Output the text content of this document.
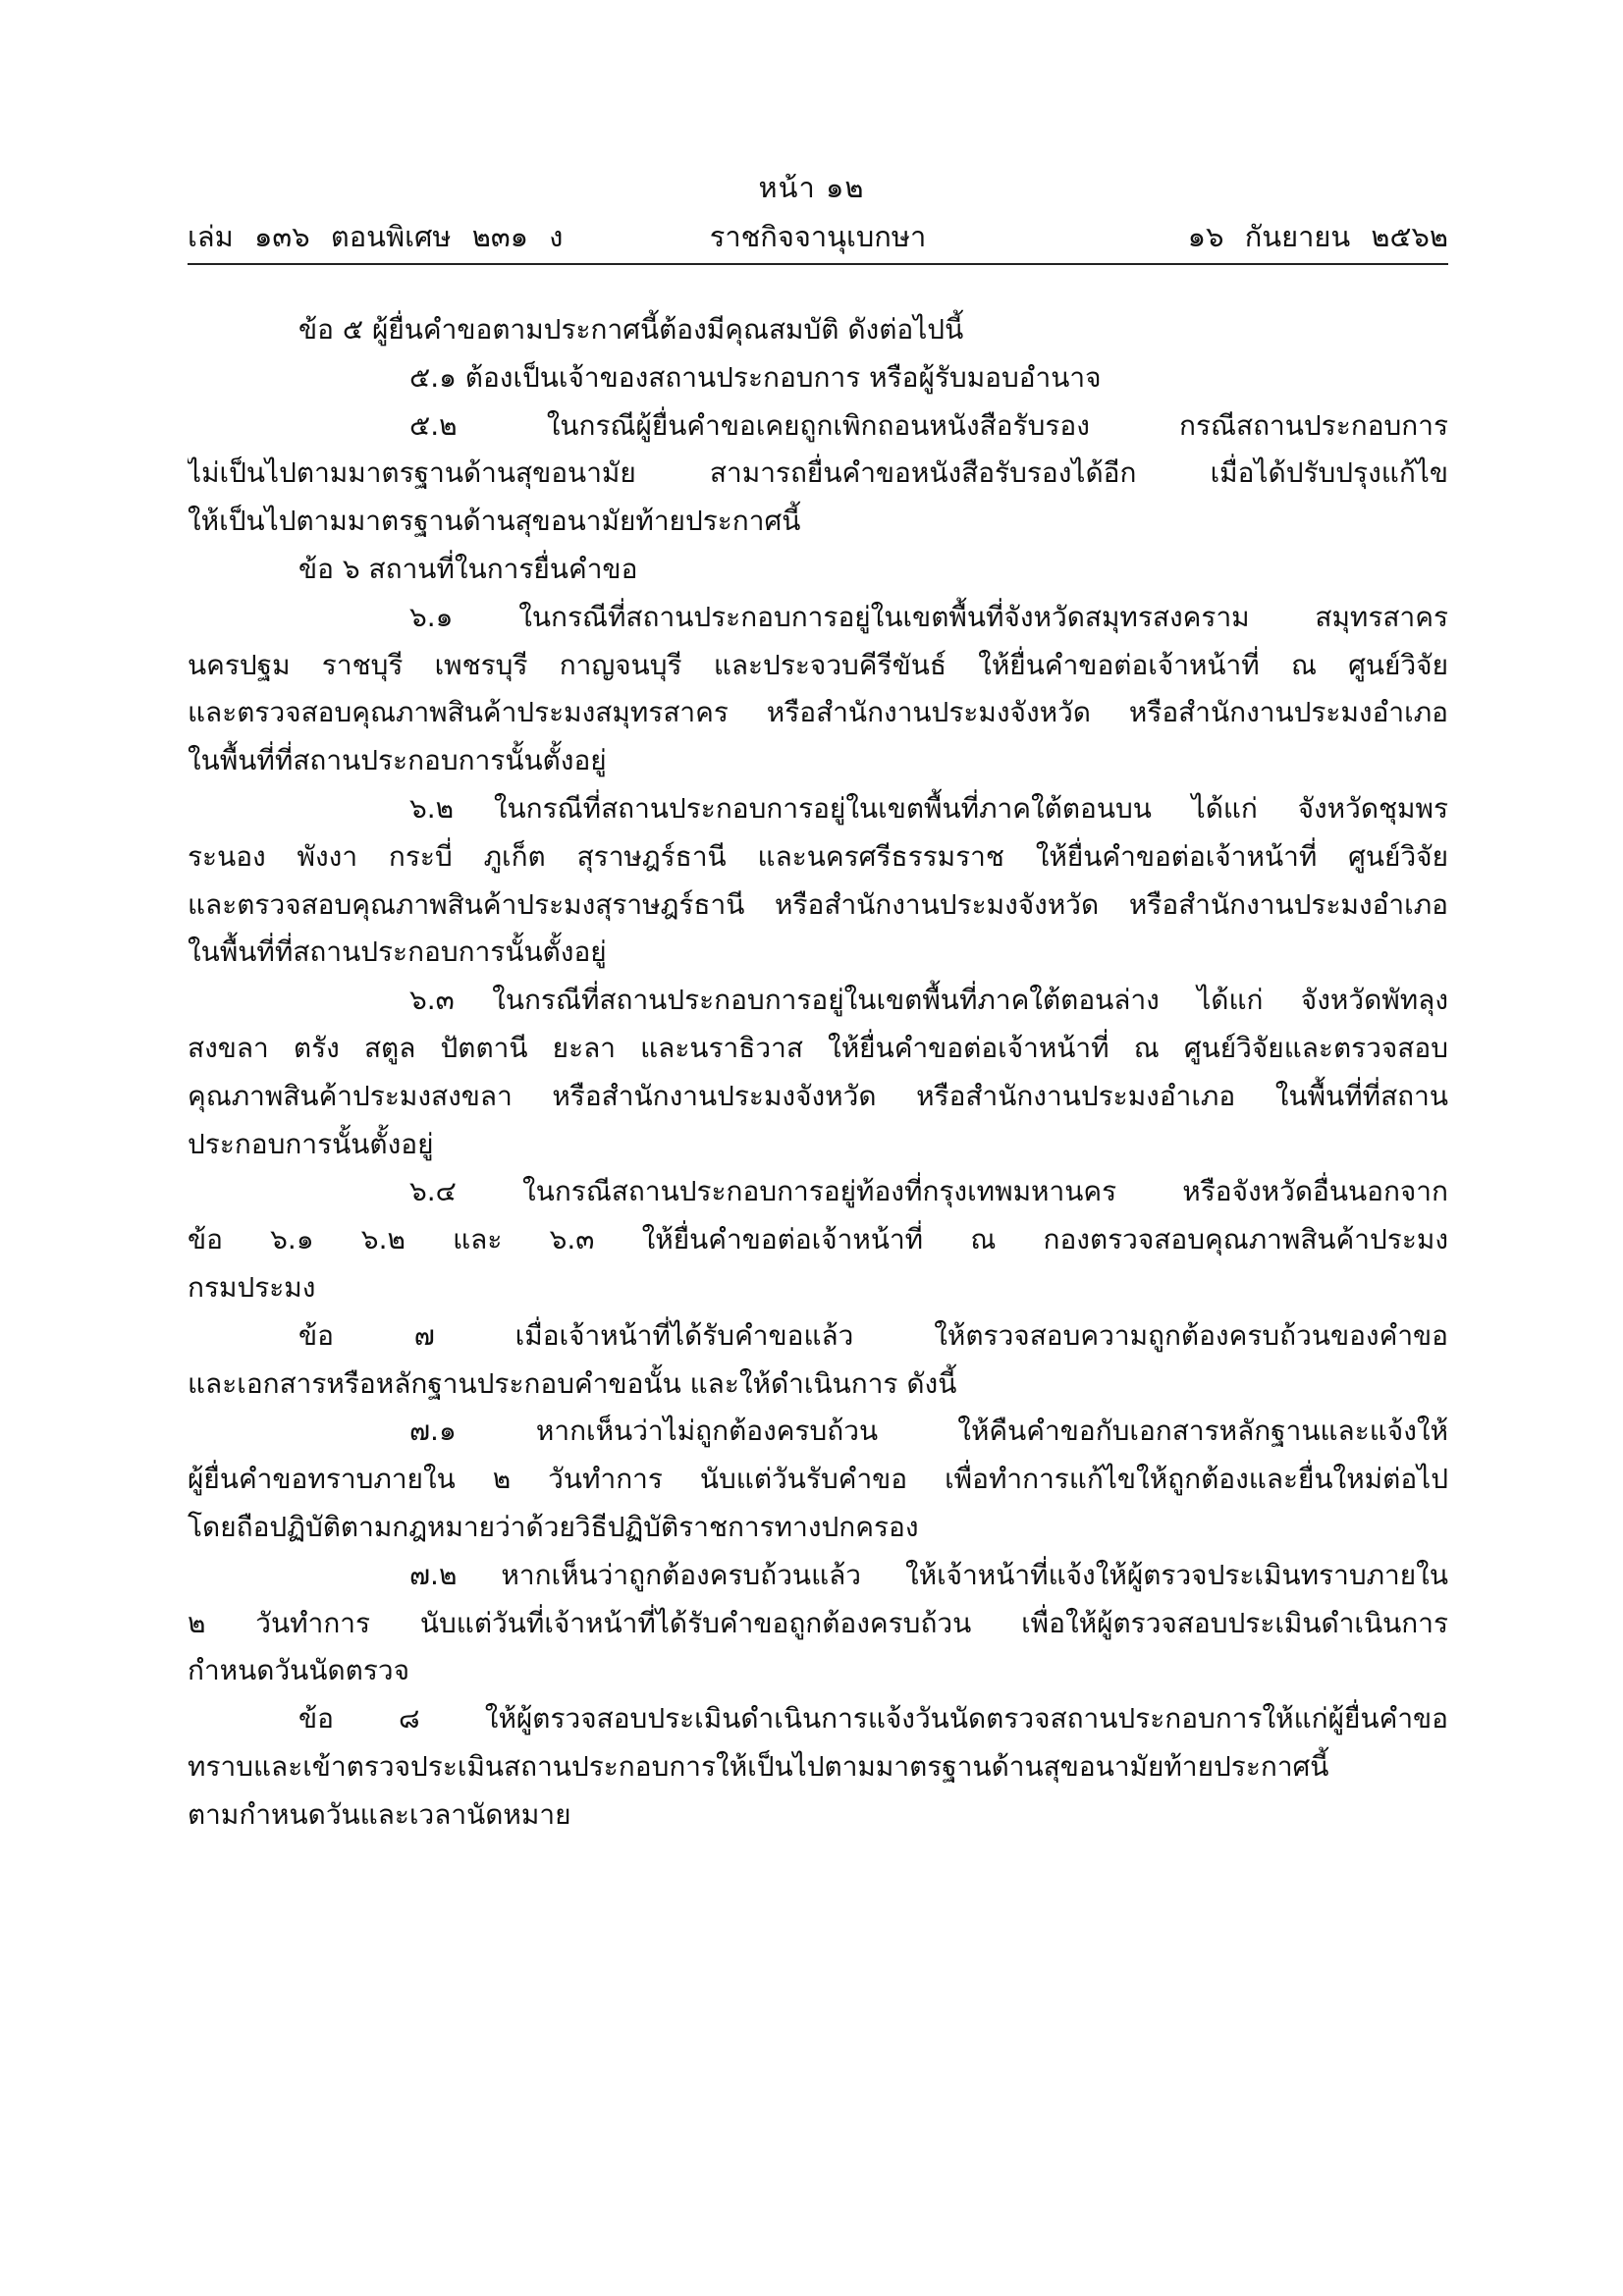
หน้า ๑๒
เล่ม ๑๓๖ ตอนพิเศษ ๒๓๑ ง	ราชกิจจานุเบกษา	๑๖ กันยายน ๒๕๖๒
ข้อ ๕ ผู้ยื่นคำขอตามประกาศนี้ต้องมีคุณสมบัติ ดังต่อไปนี้
๕.๑ ต้องเป็นเจ้าของสถานประกอบการ หรือผู้รับมอบอำนาจ
๕.๒ ในกรณีผู้ยื่นคำขอเคยถูกเพิกถอนหนังสือรับรอง กรณีสถานประกอบการ
ไม่เป็นไปตามมาตรฐานด้านสุขอนามัย สามารถยื่นคำขอหนังสือรับรองได้อีก เมื่อได้ปรับปรุงแก้ไข
ให้เป็นไปตามมาตรฐานด้านสุขอนามัยท้ายประกาศนี้
ข้อ ๖ สถานที่ในการยื่นคำขอ
๖.๑ ในกรณีที่สถานประกอบการอยู่ในเขตพื้นที่จังหวัดสมุทรสงคราม สมุทรสาคร
นครปฐม ราชบุรี เพชรบุรี กาญจนบุรี และประจวบคีรีขันธ์ ให้ยื่นคำขอต่อเจ้าหน้าที่ ณ ศูนย์วิจัย
และตรวจสอบคุณภาพสินค้าประมงสมุทรสาคร หรือสำนักงานประมงจังหวัด หรือสำนักงานประมงอำเภอ
ในพื้นที่ที่สถานประกอบการนั้นตั้งอยู่
๖.๒ ในกรณีที่สถานประกอบการอยู่ในเขตพื้นที่ภาคใต้ตอนบน ได้แก่ จังหวัดชุมพร
ระนอง พังงา กระบี่ ภูเก็ต สุราษฎร์ธานี และนครศรีธรรมราช ให้ยื่นคำขอต่อเจ้าหน้าที่ ศูนย์วิจัย
และตรวจสอบคุณภาพสินค้าประมงสุราษฎร์ธานี หรือสำนักงานประมงจังหวัด หรือสำนักงานประมงอำเภอ
ในพื้นที่ที่สถานประกอบการนั้นตั้งอยู่
๖.๓ ในกรณีที่สถานประกอบการอยู่ในเขตพื้นที่ภาคใต้ตอนล่าง ได้แก่ จังหวัดพัทลุง
สงขลา ตรัง สตูล ปัตตานี ยะลา และนราธิวาส ให้ยื่นคำขอต่อเจ้าหน้าที่ ณ ศูนย์วิจัยและตรวจสอบ
คุณภาพสินค้าประมงสงขลา หรือสำนักงานประมงจังหวัด หรือสำนักงานประมงอำเภอ ในพื้นที่ที่สถาน
ประกอบการนั้นตั้งอยู่
๖.๔ ในกรณีสถานประกอบการอยู่ท้องที่กรุงเทพมหานคร หรือจังหวัดอื่นนอกจาก
ข้อ ๖.๑ ๖.๒ และ ๖.๓ ให้ยื่นคำขอต่อเจ้าหน้าที่ ณ กองตรวจสอบคุณภาพสินค้าประมง
กรมประมง
ข้อ ๗ เมื่อเจ้าหน้าที่ได้รับคำขอแล้ว ให้ตรวจสอบความถูกต้องครบถ้วนของคำขอ
และเอกสารหรือหลักฐานประกอบคำขอนั้น และให้ดำเนินการ ดังนี้
๗.๑ หากเห็นว่าไม่ถูกต้องครบถ้วน ให้คืนคำขอกับเอกสารหลักฐานและแจ้งให้
ผู้ยื่นคำขอทราบภายใน ๒ วันทำการ นับแต่วันรับคำขอ เพื่อทำการแก้ไขให้ถูกต้องและยื่นใหม่ต่อไป
โดยถือปฏิบัติตามกฎหมายว่าด้วยวิธีปฏิบัติราชการทางปกครอง
๗.๒ หากเห็นว่าถูกต้องครบถ้วนแล้ว ให้เจ้าหน้าที่แจ้งให้ผู้ตรวจประเมินทราบภายใน
๒ วันทำการ นับแต่วันที่เจ้าหน้าที่ได้รับคำขอถูกต้องครบถ้วน เพื่อให้ผู้ตรวจสอบประเมินดำเนินการ
กำหนดวันนัดตรวจ
ข้อ ๘ ให้ผู้ตรวจสอบประเมินดำเนินการแจ้งวันนัดตรวจสถานประกอบการให้แก่ผู้ยื่นคำขอ
ทราบและเข้าตรวจประเมินสถานประกอบการให้เป็นไปตามมาตรฐานด้านสุขอนามัยท้ายประกาศนี้
ตามกำหนดวันและเวลานัดหมาย
